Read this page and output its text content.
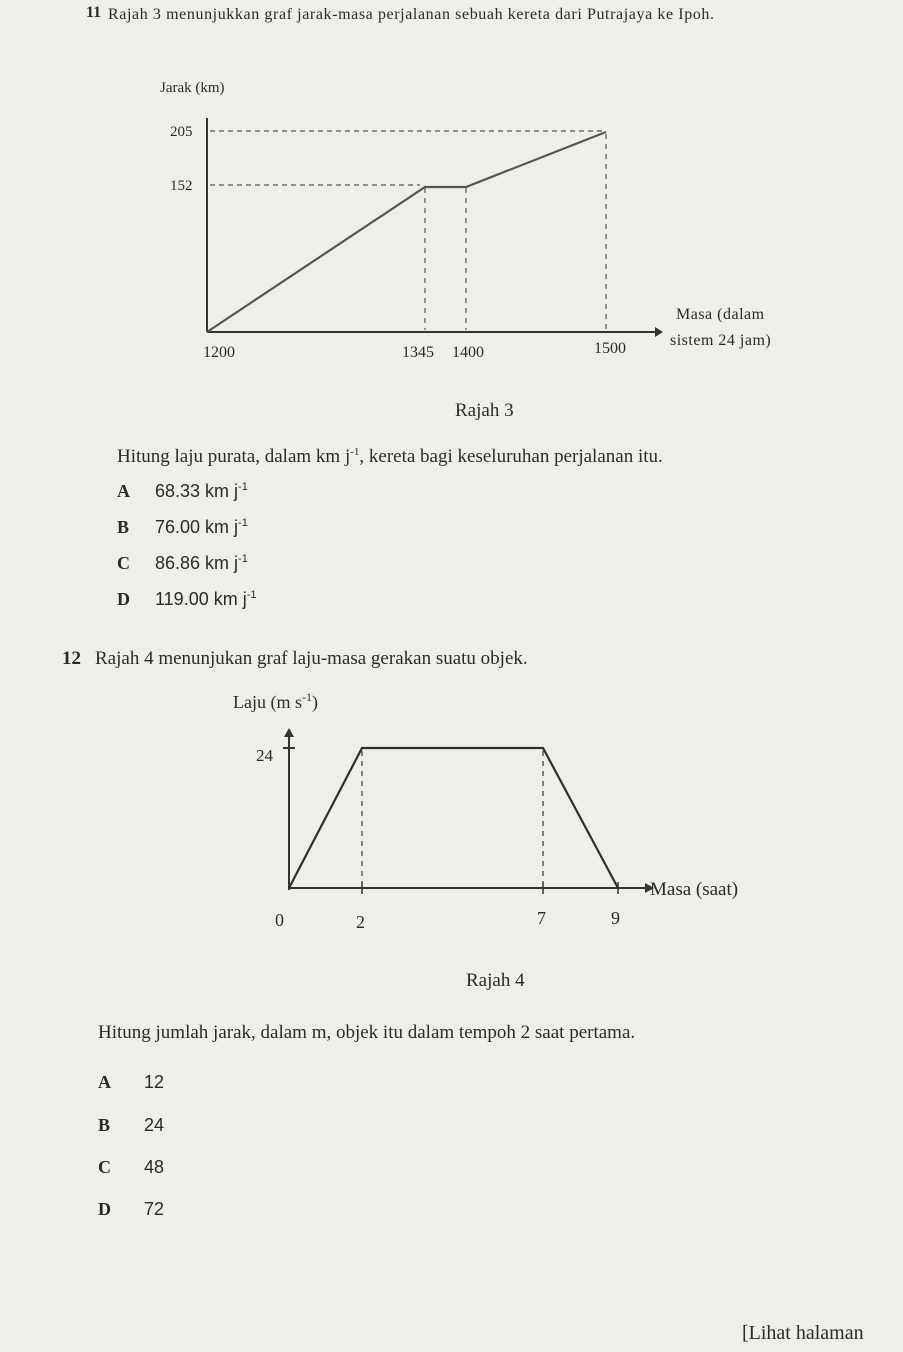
11 Rajah 3 menunjukkan graf jarak-masa perjalanan sebuah kereta dari Putrajaya ke Ipoh.
Jarak (km)
205
152
1200	1345 1400	1500
Masa (dalam
sistem 24 jam)
Rajah 3
Hitung laju purata, dalam km $j^{-1}$, kereta bagi keseluruhan perjalanan itu.
A 68.33 km $j^{-1}$
B 76.00 km $j^{-1}$
C 86.86 km $j^{-1}$
D 119.00 km $j^{-1}$
12 Rajah 4 menunjukan graf laju-masa gerakan suatu objek.
Laju (m $s^{-1}$)
24
0	2	7	9
Masa (saat)
Rajah 4
Hitung jumlah jarak, dalam m, objek itu dalam tempoh 2 saat pertama.
A 12
B 24
C 48
D 72
[Lihat halaman
